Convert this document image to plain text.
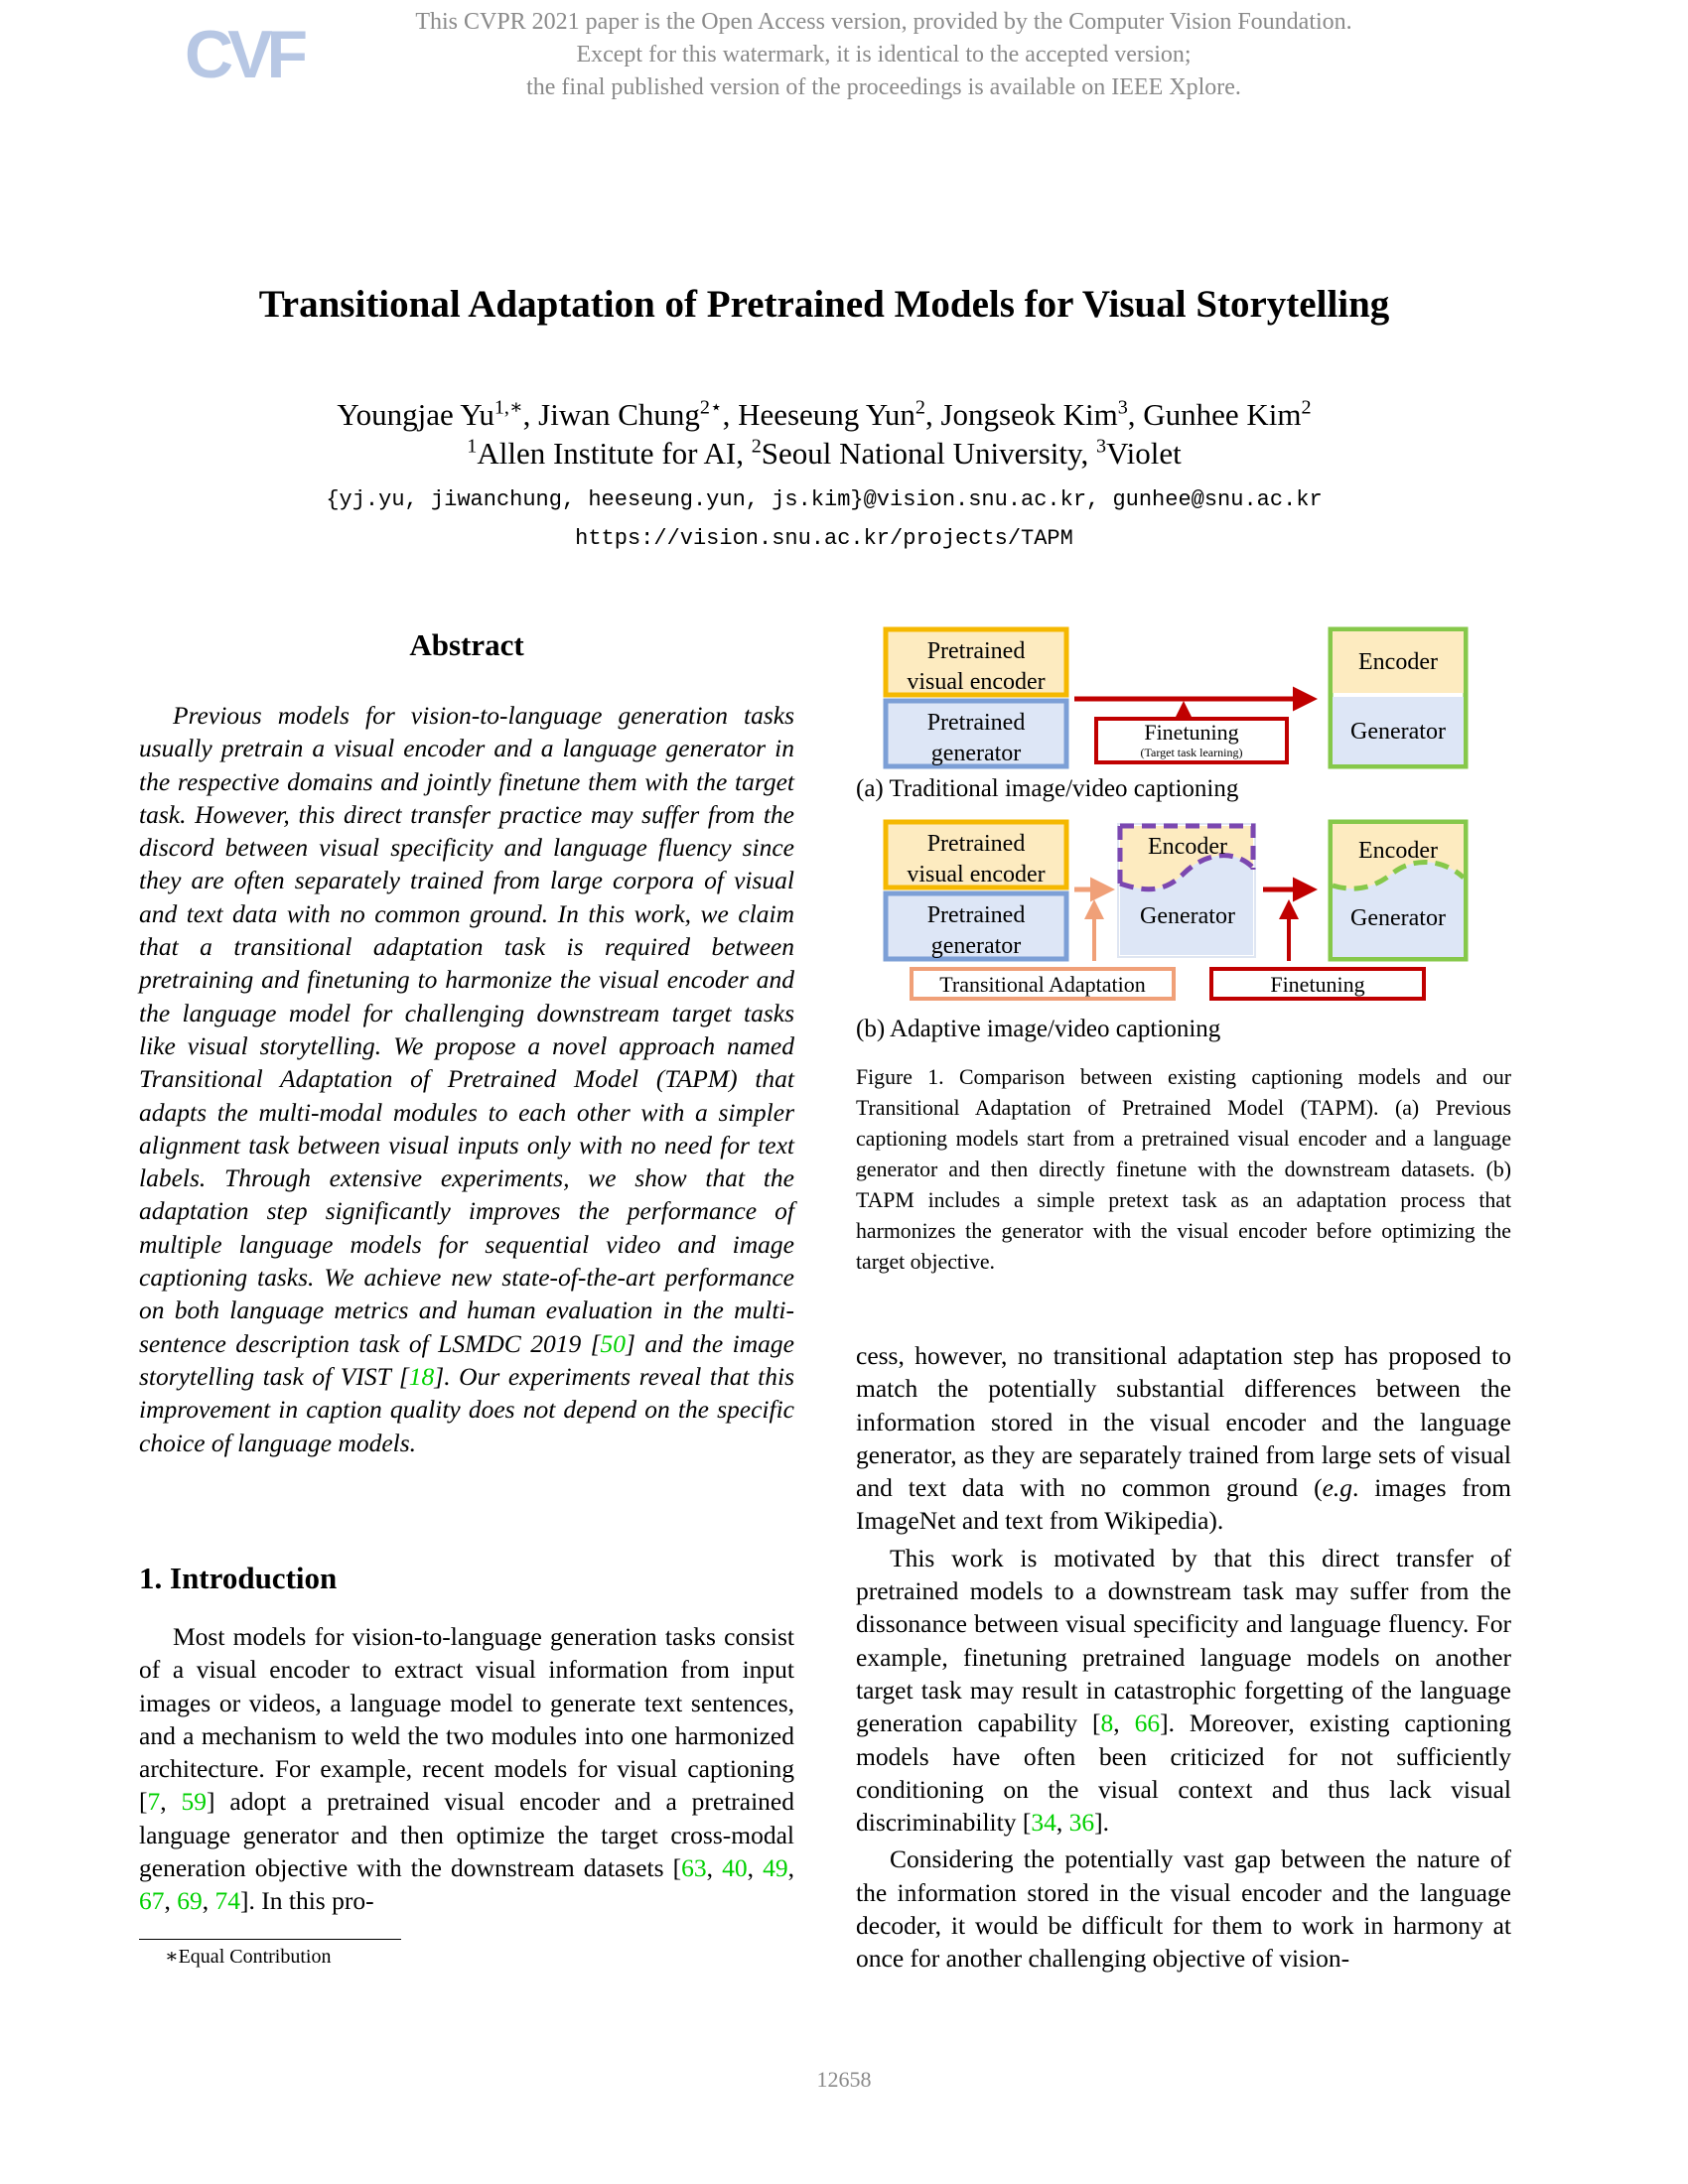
CVF	This CVPR 2021 paper is the Open Access version, provided by the Computer Vision Foundation.
Except for this watermark, it is identical to the accepted version;
the final published version of the proceedings is available on IEEE Xplore.
Transitional Adaptation of Pretrained Models for Visual Storytelling
Youngjae $Yu^{1,∗}$, Jiwan Chung$^{2⋆}$, Heeseung Yun$^2$, Jongseok Kim$^3$, Gunhee Kim$^2$
$^1$Allen Institute for AI, $^2$Seoul National University, $^3$Violet
{yj.yu, jiwanchung, heeseung.yun, js.kim}@vision.snu.ac.kr, gunhee@snu.ac.kr
https://vision.snu.ac.kr/projects/TAPM
Abstract
Previous models for vision-to-language generation tasks usually pretrain a visual encoder and a language generator in the respective domains and jointly finetune them with the target task. However, this direct transfer practice may suffer from the discord between visual specificity and language fluency since they are often separately trained from large corpora of visual and text data with no common ground. In this work, we claim that a transitional adaptation task is required between pretraining and finetuning to harmonize the visual encoder and the language model for challenging downstream target tasks like visual storytelling. We propose a novel approach named Transitional Adaptation of Pretrained Model (TAPM) that adapts the multi-modal modules to each other with a simpler alignment task between visual inputs only with no need for text labels. Through extensive experiments, we show that the adaptation step significantly improves the performance of multiple language models for sequential video and image captioning tasks. We achieve new state-of-the-art performance on both language metrics and human evaluation in the multi-sentence description task of LSMDC 2019 [50] and the image storytelling task of VIST [18]. Our experiments reveal that this improvement in caption quality does not depend on the specific choice of language models.
1. Introduction

Most models for vision-to-language generation tasks consist of a visual encoder to extract visual information from input images or videos, a language model to generate text sentences, and a mechanism to weld the two modules into one harmonized architecture. For example, recent models for visual captioning [7, 59] adopt a pretrained visual encoder and a pretrained language generator and then optimize the target cross-modal generation objective with the downstream datasets [63, 40, 49, 67, 69, 74]. In this pro-

∗Equal Contribution
Pretrained
visual encoder
Pretrained
generator
Finetuning
(Target task learning)
Encoder
Generator
(a) Traditional image/video captioning
Pretrained
visual encoder
Pretrained
generator
Encoder
Generator
Encoder
Generator
Transitional Adaptation	Finetuning
(b) Adaptive image/video captioning
Figure 1. Comparison between existing captioning models and our Transitional Adaptation of Pretrained Model (TAPM). (a) Previous captioning models start from a pretrained visual encoder and a language generator and then directly finetune with the downstream datasets. (b) TAPM includes a simple pretext task as an adaptation process that harmonizes the generator with the visual encoder before optimizing the target objective.

cess, however, no transitional adaptation step has proposed to match the potentially substantial differences between the information stored in the visual encoder and the language generator, as they are separately trained from large sets of visual and text data with no common ground (e.g. images from ImageNet and text from Wikipedia).

This work is motivated by that this direct transfer of pretrained models to a downstream task may suffer from the dissonance between visual specificity and language fluency. For example, finetuning pretrained language models on another target task may result in catastrophic forgetting of the language generation capability [8, 66]. Moreover, existing captioning models have often been criticized for not sufficiently conditioning on the visual context and thus lack visual discriminability [34, 36].

Considering the potentially vast gap between the nature of the information stored in the visual encoder and the language decoder, it would be difficult for them to work in harmony at once for another challenging objective of vision-

12658
